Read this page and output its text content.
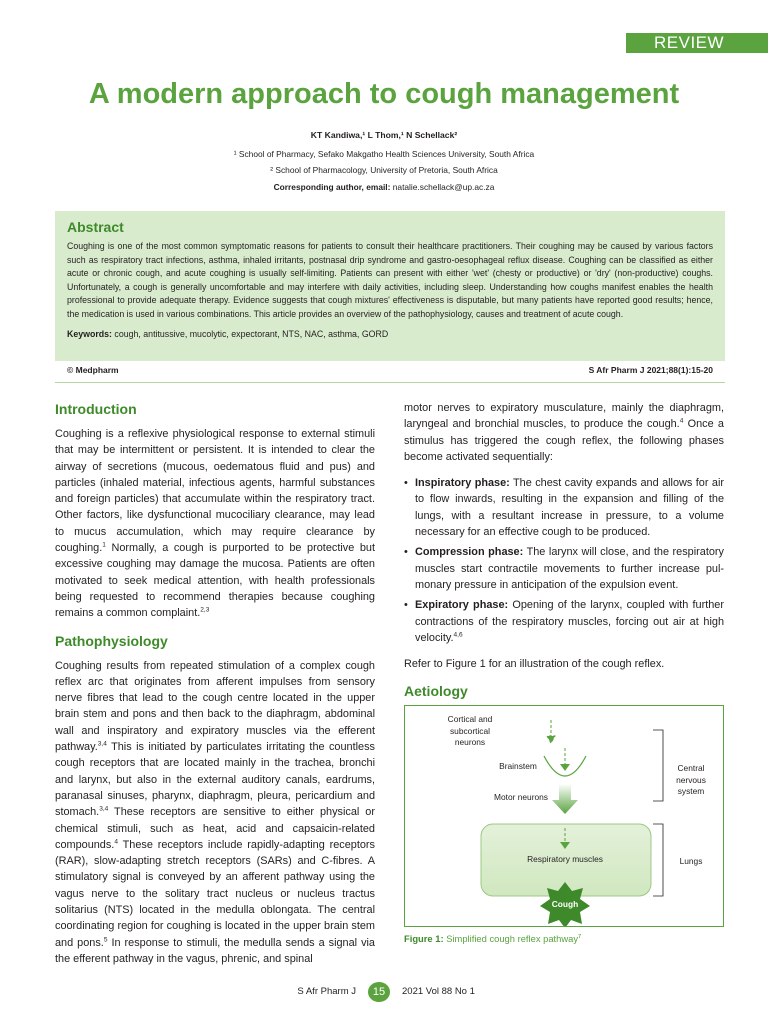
REVIEW
A modern approach to cough management
KT Kandiwa,¹ L Thom,¹ N Schellack²
¹ School of Pharmacy, Sefako Makgatho Health Sciences University, South Africa
² School of Pharmacology, University of Pretoria, South Africa
Corresponding author, email: natalie.schellack@up.ac.za
Abstract

Coughing is one of the most common symptomatic reasons for patients to consult their healthcare practitioners. Their coughing may be caused by various factors such as respiratory tract infections, asthma, inhaled irritants, postnasal drip syndrome and gastro-oesophageal reflux disease. Coughing can be classified as either acute or chronic cough, and acute coughing is usually self-limiting. Patients can present with either 'wet' (chesty or productive) or 'dry' (non-productive) coughs. Unfortunately, a cough is generally uncomfortable and may interfere with daily activities, including sleep. Understanding how coughs manifest enables the health professional to provide adequate therapy. Evidence suggests that cough mixtures' effectiveness is disputable, but many patients have reported good results; hence, the medication is used in various combinations. This article provides an overview of the pathophysiology, causes and treatment of acute cough.

Keywords: cough, antitussive, mucolytic, expectorant, NTS, NAC, asthma, GORD

© Medpharm	S Afr Pharm J 2021;88(1):15-20
Introduction

Coughing is a reflexive physiological response to external stimuli that may be intermittent or persistent. It is intended to clear the airway of secretions (mucous, oedematous fluid and pus) and particles (inhaled material, infectious agents, harmful substances and foreign particles) that accumulate within the respiratory tract. Other factors, like dysfunctional mucociliary clearance, may lead to mucus accumulation, which may require clearance by coughing.$^1$ Normally, a cough is purported to be protective but excessive coughing may damage the mucosa. Patients are often motivated to seek medical attention, with health professionals being requested to recommend therapies because coughing remains a common complaint.$^{2,3}$

Pathophysiology

Coughing results from repeated stimulation of a complex cough reflex arc that originates from afferent impulses from sensory nerve fibres that lead to the cough centre located in the upper brain stem and pons and then back to the diaphragm, abdominal wall and inspiratory and expiratory muscles via the efferent pathway.$^{3,4}$ This is initiated by particulates irritating the countless cough receptors that are located mainly in the trachea, bronchi and larynx, but also in the external auditory canals, eardrums, paranasal sinuses, pharynx, diaphragm, pleura, pericardium and stomach.$^{3,4}$ These receptors are sensitive to either physical or chemical stimuli, such as heat, acid and capsaicin-related compounds.$^4$ These receptors include rapidly-adapting receptors (RAR), slow-adapting stretch receptors (SARs) and C-fibres. A stimulatory signal is conveyed by an afferent pathway using the vagus nerve to the solitary tract nucleus or nucleus tractus solitarius (NTS) located in the medulla oblongata. The central coordinating region for coughing is located in the upper brain stem and pons.$^5$ In response to stimuli, the medulla sends a signal via the efferent pathway in the vagus, phrenic, and spinal

motor nerves to expiratory musculature, mainly the diaphragm, laryngeal and bronchial muscles, to produce the cough.$^4$ Once a stimulus has triggered the cough reflex, the following phases become activated sequentially:

• Inspiratory phase: The chest cavity expands and allows for air to flow inwards, resulting in the expansion and filling of the lungs, with a resultant increase in pressure, to a volume necessary for an effective cough to be produced.
• Compression phase: The larynx will close, and the respiratory muscles start contractile movements to further increase pul-monary pressure in anticipation of the expulsion event.
• Expiratory phase: Opening of the larynx, coupled with further contractions of the respiratory muscles, forcing out air at high velocity.$^{4,6}$

Refer to Figure 1 for an illustration of the cough reflex.

Aetiology
Cortical and subcortical neurons
Brainstem
Motor neurons
Respiratory muscles
Cough
Central nervous system
Lungs
Figure 1: Simplified cough reflex pathway$^7$
S Afr Pharm J	15	2021 Vol 88 No 1
